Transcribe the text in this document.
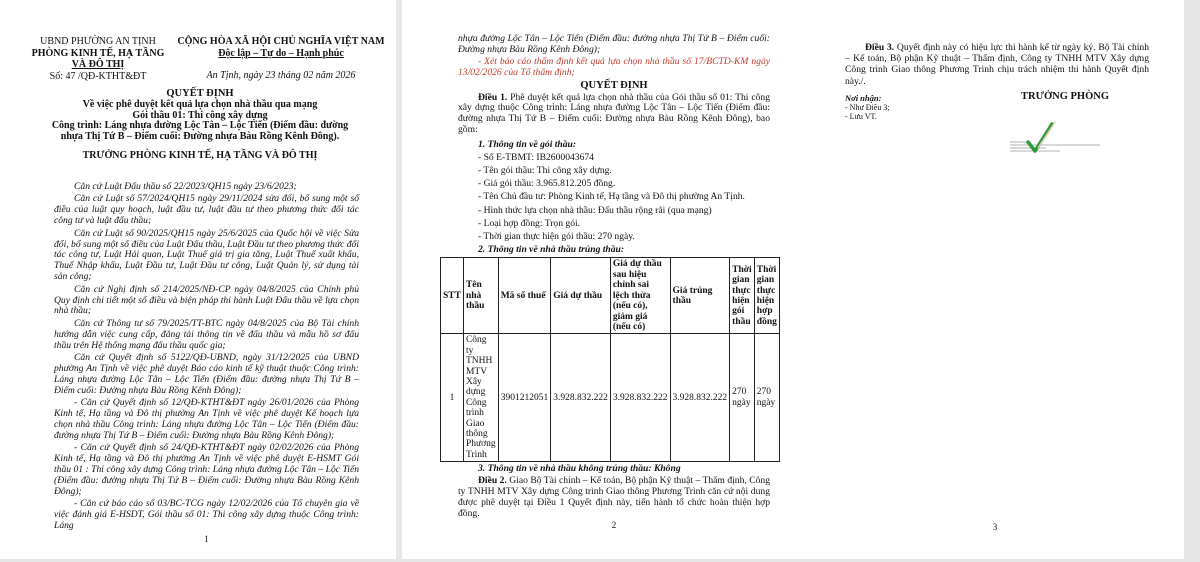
UBND PHƯỜNG AN TỊNH
PHÒNG KINH TẾ, HẠ TẦNG
VÀ ĐÔ THỊ
Số: 47 /QĐ-KTHT&ĐT
CỘNG HÒA XÃ HỘI CHỦ NGHĨA VIỆT NAM
Độc lập – Tự do – Hạnh phúc
An Tịnh, ngày 23 tháng 02 năm 2026
QUYẾT ĐỊNH
Về việc phê duyệt kết quả lựa chọn nhà thầu qua mạng
Gói thầu 01: Thi công xây dựng
Công trình: Láng nhựa đường Lộc Tân – Lộc Tiến (Điểm đầu: đường nhựa Thị Tứ B – Điểm cuối: Đường nhựa Bàu Rồng Kênh Đông).
TRƯỞNG PHÒNG KINH TẾ, HẠ TẦNG VÀ ĐÔ THỊ

Căn cứ Luật Đấu thầu số 22/2023/QH15 ngày 23/6/2023;

Căn cứ Luật số 57/2024/QH15 ngày 29/11/2024 sửa đổi, bổ sung một số điều của luật quy hoạch, luật đầu tư, luật đầu tư theo phương thức đối tác công tư và luật đấu thầu;

Căn cứ Luật số 90/2025/QH15 ngày 25/6/2025 của Quốc hội về việc Sửa đổi, bổ sung một số điều của Luật Đấu thầu, Luật Đầu tư theo phương thức đối tác công tư, Luật Hải quan, Luật Thuế giá trị gia tăng, Luật Thuế xuất khẩu, Thuế Nhập khẩu, Luật Đầu tư, Luật Đầu tư công, Luật Quản lý, sử dụng tài sản công;

Căn cứ Nghị định số 214/2025/NĐ-CP ngày 04/8/2025 của Chính phủ Quy định chi tiết một số điều và biện pháp thi hành Luật Đấu thầu về lựa chọn nhà thầu;

Căn cứ Thông tư số 79/2025/TT-BTC ngày 04/8/2025 của Bộ Tài chính hướng dẫn việc cung cấp, đăng tải thông tin về đấu thầu và mẫu hồ sơ đấu thầu trên Hệ thống mạng đấu thầu quốc gia;

Căn cứ Quyết định số 5122/QĐ-UBND, ngày 31/12/2025 của UBND phường An Tịnh về việc phê duyệt Báo cáo kinh tế kỹ thuật thuộc Công trình: Láng nhựa đường Lộc Tân – Lộc Tiến (Điểm đầu: đường nhựa Thị Tứ B – Điểm cuối: Đường nhựa Bàu Rồng Kênh Đông);

- Căn cứ Quyết định số 12/QĐ-KTHT&ĐT ngày 26/01/2026 của Phòng Kinh tế, Hạ tầng và Đô thị phường An Tịnh về việc phê duyệt Kế hoạch lựa chọn nhà thầu Công trình: Láng nhựa đường Lộc Tân – Lộc Tiến (Điểm đầu: đường nhựa Thị Tứ B – Điểm cuối: Đường nhựa Bàu Rồng Kênh Đông);

- Căn cứ Quyết định số 24/QĐ-KTHT&ĐT ngày 02/02/2026 của Phòng Kinh tế, Hạ tầng và Đô thị phường An Tịnh về việc phê duyệt E-HSMT Gói thầu 01 : Thi công xây dựng Công trình: Láng nhựa đường Lộc Tân – Lộc Tiến (Điểm đầu: đường nhựa Thị Tứ B – Điểm cuối: Đường nhựa Bàu Rồng Kênh Đông);

- Căn cứ báo cáo số 03/BC-TCG ngày 12/02/2026 của Tổ chuyên gia về việc đánh giá E-HSDT, Gói thầu số 01: Thi công xây dựng thuộc Công trình: Láng

1

nhựa đường Lộc Tân – Lộc Tiến (Điểm đầu: đường nhựa Thị Tứ B – Điểm cuối: Đường nhựa Bàu Rồng Kênh Đông);

- Xét báo cáo thẩm định kết quả lựa chọn nhà thầu số 17/BCTD-KM ngày 13/02/2026 của Tổ thẩm định;

QUYẾT ĐỊNH

Điều 1. Phê duyệt kết quả lựa chọn nhà thầu của Gói thầu số 01: Thi công xây dựng thuộc Công trình: Láng nhựa đường Lộc Tân – Lộc Tiến (Điểm đầu: đường nhựa Thị Tứ B – Điểm cuối: Đường nhựa Bàu Rồng Kênh Đông), bao gồm:

1. Thông tin về gói thầu:
- Số E-TBMT: IB2600043674
- Tên gói thầu: Thi công xây dựng.
- Giá gói thầu: 3.965.812.205 đồng.
- Tên Chủ đầu tư: Phòng Kinh tế, Hạ tầng và Đô thị phường An Tịnh.
- Hình thức lựa chọn nhà thầu: Đấu thầu rộng rãi (qua mạng)
- Loại hợp đồng: Trọn gói.
- Thời gian thực hiện gói thầu: 270 ngày.
2. Thông tin về nhà thầu trúng thầu:
STT	Tên nhà thầu	Mã số thuế	Giá dự thầu	Giá dự thầu sau hiệu chỉnh sai lệch thừa (nếu có), giảm giá (nếu có)	Giá trúng thầu	Thời gian thực hiện gói thầu	Thời gian thực hiện hợp đồng
1	Công ty TNHH MTV Xây dựng Công trình Giao thông Phương Trình	3901212051	3.928.832.222	3.928.832.222	3.928.832.222	270 ngày	270 ngày

3. Thông tin về nhà thầu không trúng thầu: Không

Điều 2. Giao Bộ Tài chính – Kế toán, Bộ phận Kỹ thuật – Thẩm định, Công ty TNHH MTV Xây dựng Công trình Giao thông Phương Trình căn cứ nội dung được phê duyệt tại Điều 1 Quyết định này, tiến hành tổ chức hoàn thiện hợp đồng.

2

Điều 3. Quyết định này có hiệu lực thi hành kể từ ngày ký. Bộ Tài chính – Kế toán, Bộ phận Kỹ thuật – Thẩm định, Công ty TNHH MTV Xây dựng Công trình Giao thông Phương Trình chịu trách nhiệm thi hành Quyết định này./.

Nơi nhận:
- Như Điều 3;
- Lưu VT.
TRƯỞNG PHÒNG
3
